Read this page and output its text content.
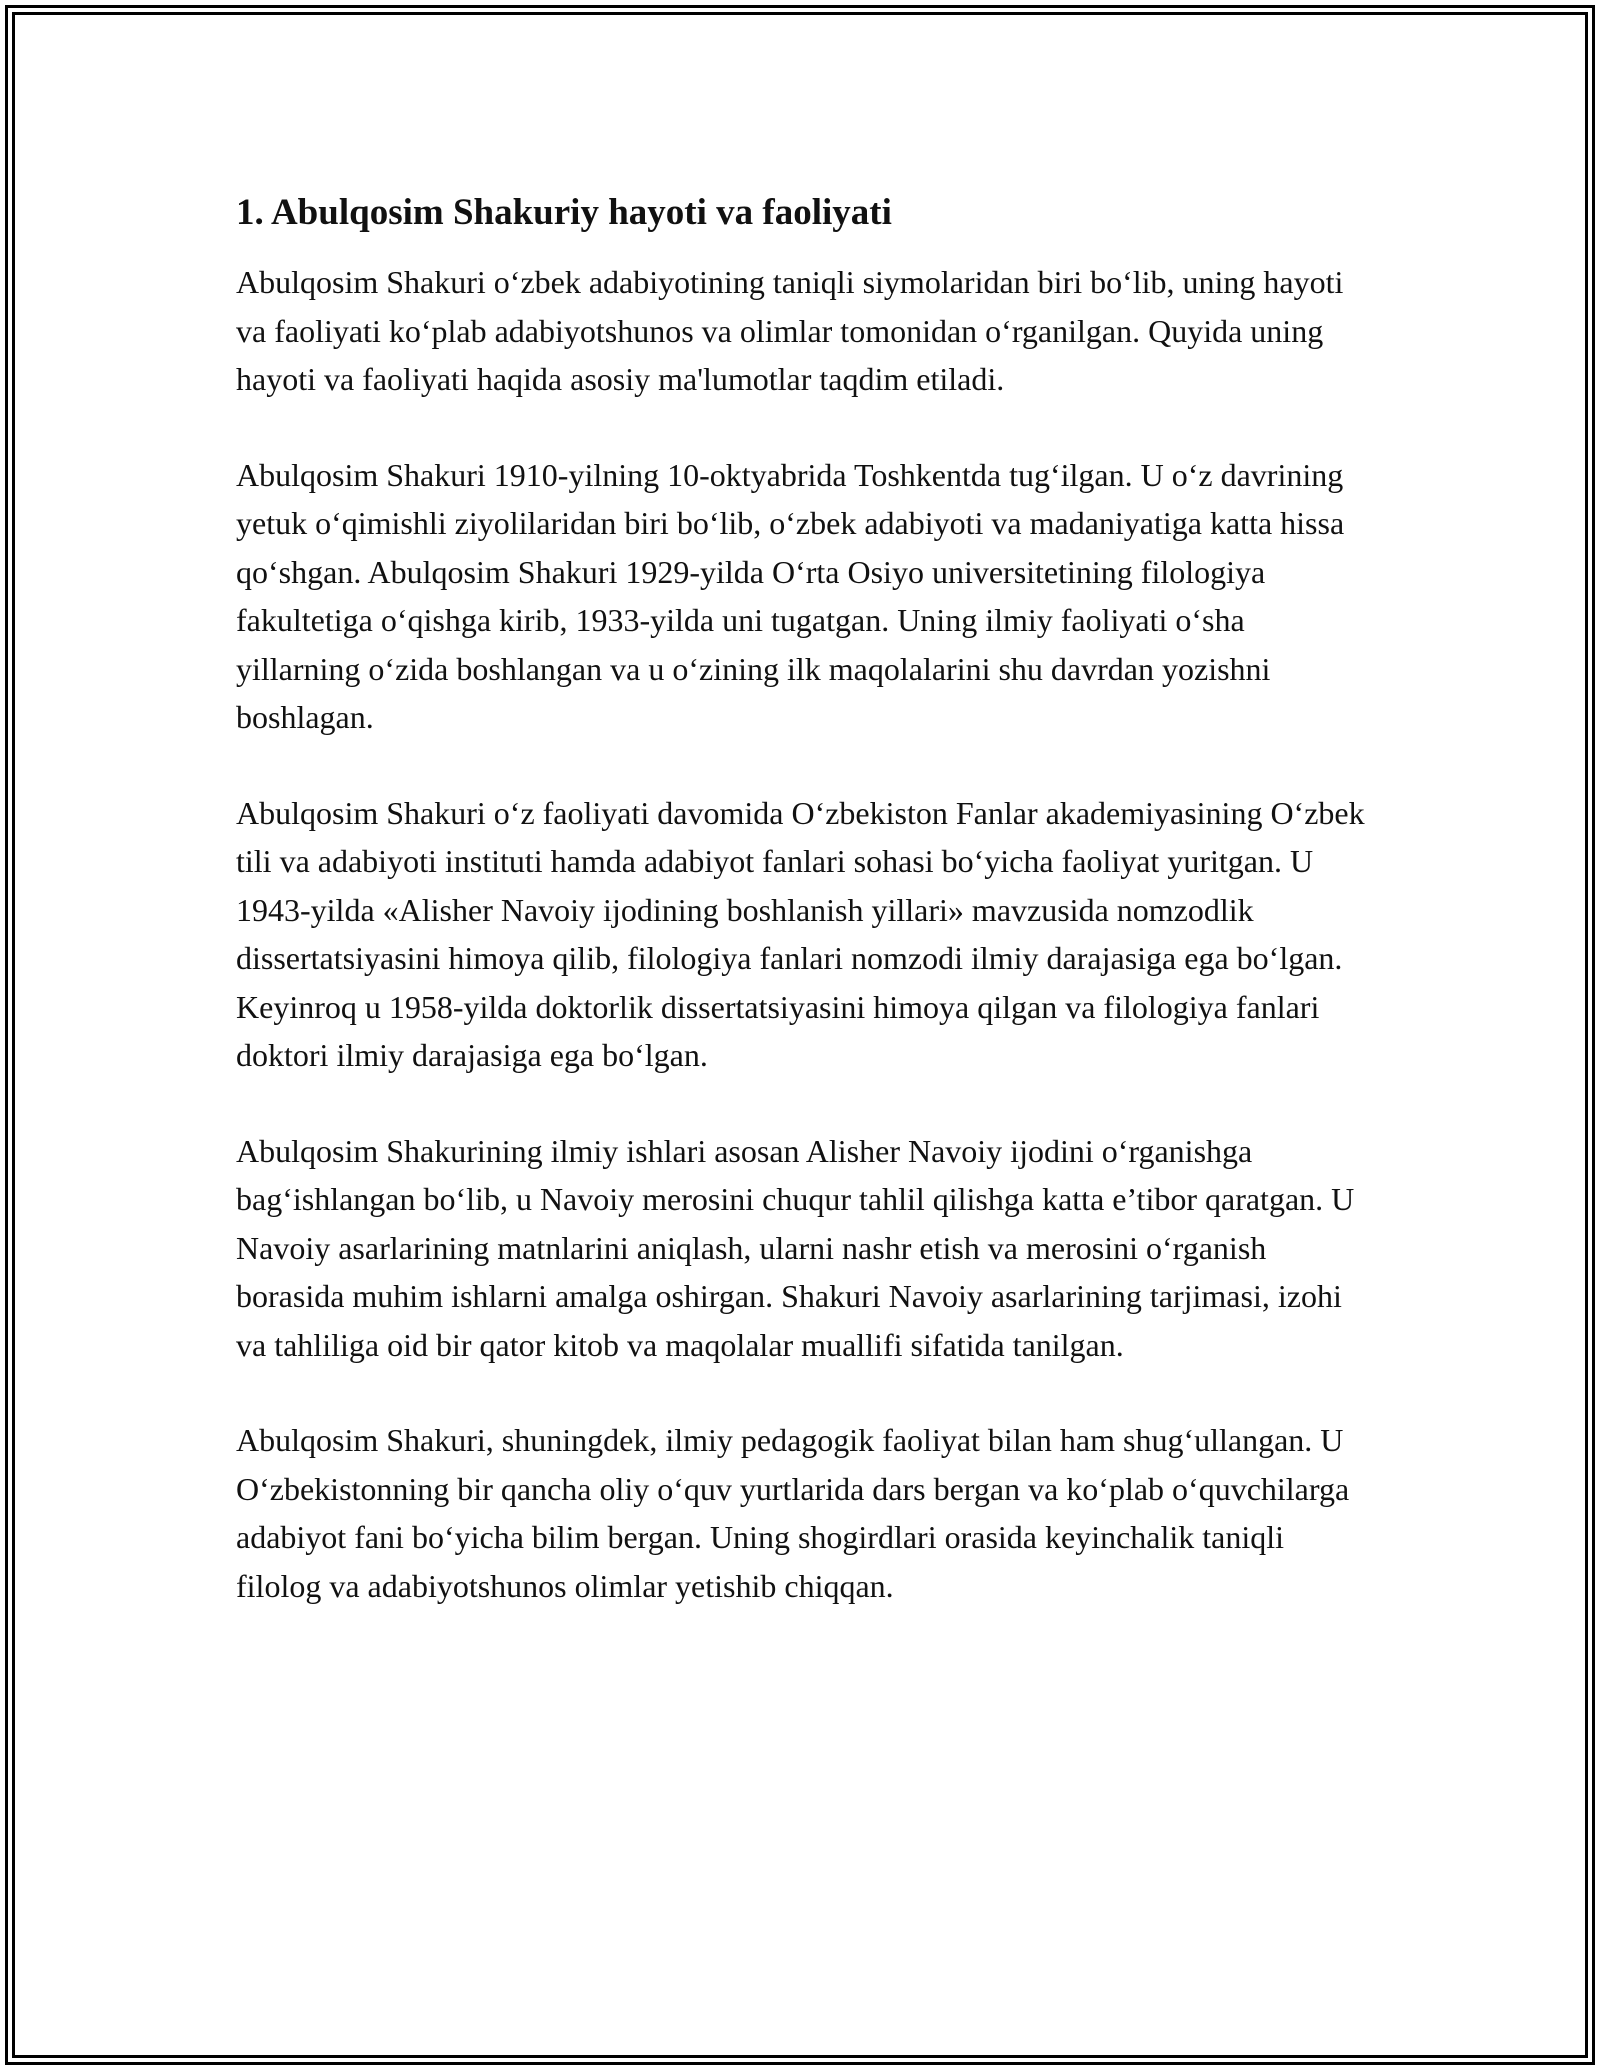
1. Abulqosim Shakuriy hayoti va faoliyati

Abulqosim Shakuri o‘zbek adabiyotining taniqli siymolaridan biri bo‘lib, uning hayoti va faoliyati ko‘plab adabiyotshunos va olimlar tomonidan o‘rganilgan. Quyida uning hayoti va faoliyati haqida asosiy ma'lumotlar taqdim etiladi.

Abulqosim Shakuri 1910-yilning 10-oktyabrida Toshkentda tug‘ilgan. U o‘z davrining yetuk o‘qimishli ziyolilaridan biri bo‘lib, o‘zbek adabiyoti va madaniyatiga katta hissa qo‘shgan. Abulqosim Shakuri 1929-yilda O‘rta Osiyo universitetining filologiya fakultetiga o‘qishga kirib, 1933-yilda uni tugatgan. Uning ilmiy faoliyati o‘sha yillarning o‘zida boshlangan va u o‘zining ilk maqolalarini shu davrdan yozishni boshlagan.

Abulqosim Shakuri o‘z faoliyati davomida O‘zbekiston Fanlar akademiyasining O‘zbek tili va adabiyoti instituti hamda adabiyot fanlari sohasi bo‘yicha faoliyat yuritgan. U 1943-yilda «Alisher Navoiy ijodining boshlanish yillari» mavzusida nomzodlik dissertatsiyasini himoya qilib, filologiya fanlari nomzodi ilmiy darajasiga ega bo‘lgan. Keyinroq u 1958-yilda doktorlik dissertatsiyasini himoya qilgan va filologiya fanlari doktori ilmiy darajasiga ega bo‘lgan.

Abulqosim Shakurining ilmiy ishlari asosan Alisher Navoiy ijodini o‘rganishga bag‘ishlangan bo‘lib, u Navoiy merosini chuqur tahlil qilishga katta e’tibor qaratgan. U Navoiy asarlarining matnlarini aniqlash, ularni nashr etish va merosini o‘rganish borasida muhim ishlarni amalga oshirgan. Shakuri Navoiy asarlarining tarjimasi, izohi va tahliliga oid bir qator kitob va maqolalar muallifi sifatida tanilgan.

Abulqosim Shakuri, shuningdek, ilmiy pedagogik faoliyat bilan ham shug‘ullangan. U O‘zbekistonning bir qancha oliy o‘quv yurtlarida dars bergan va ko‘plab o‘quvchilarga adabiyot fani bo‘yicha bilim bergan. Uning shogirdlari orasida keyinchalik taniqli filolog va adabiyotshunos olimlar yetishib chiqqan.
